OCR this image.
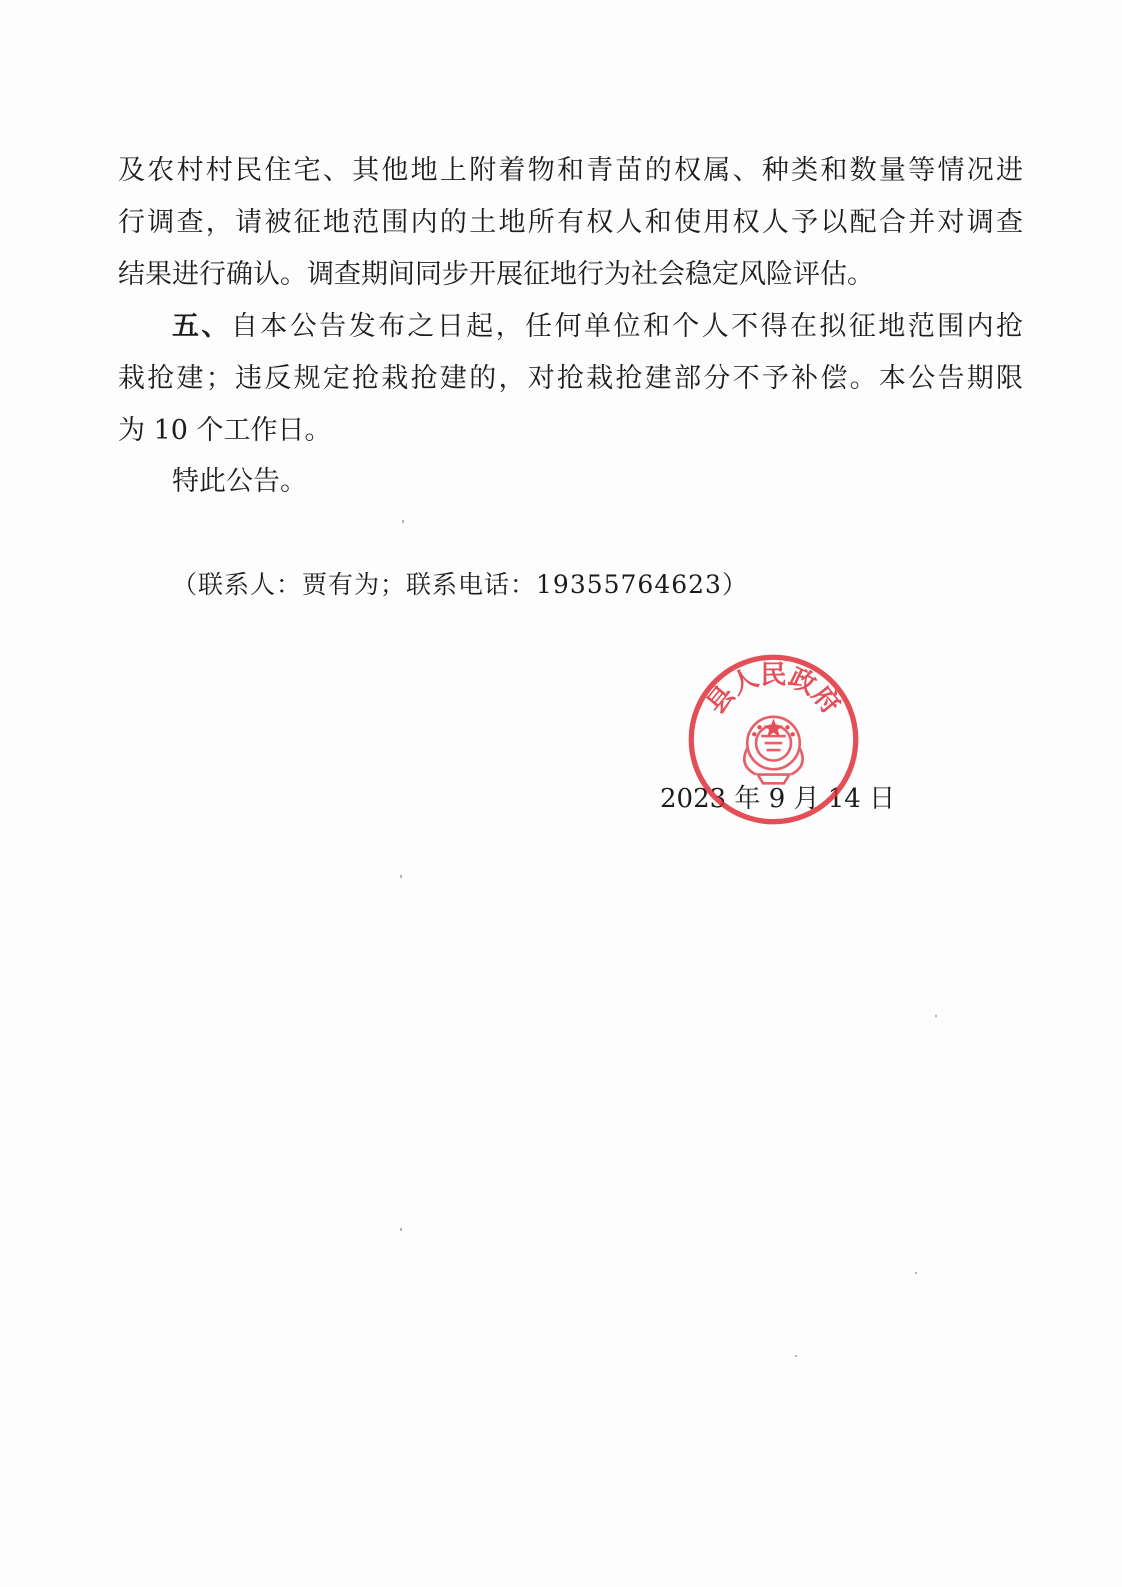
及农村村民住宅、其他地上附着物和青苗的权属、种类和数量等情况进
行调查，请被征地范围内的土地所有权人和使用权人予以配合并对调查
结果进行确认。调查期间同步开展征地行为社会稳定风险评估。
五、自本公告发布之日起，任何单位和个人不得在拟征地范围内抢
栽抢建；违反规定抢栽抢建的，对抢栽抢建部分不予补偿。本公告期限
为 10 个工作日。
特此公告。
（联系人：贾有为；联系电话：19355764623）
2023 年 9 月 14 日
县人民政府
